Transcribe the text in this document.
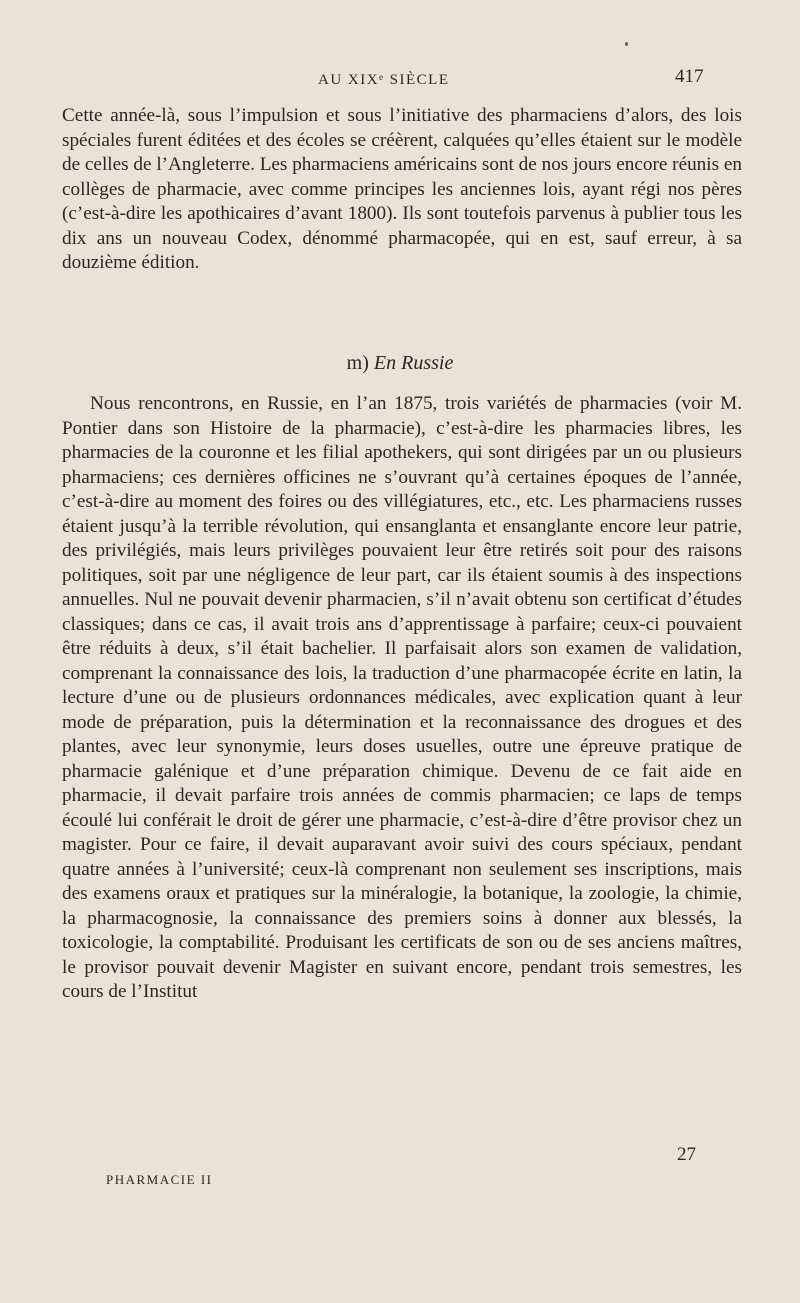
AU XIXᵉ SIÈCLE	417

Cette année-là, sous l’impulsion et sous l’initiative des pharmaciens d’alors, des lois spéciales furent éditées et des écoles se créèrent, calquées qu’elles étaient sur le modèle de celles de l’Angleterre. Les pharmaciens américains sont de nos jours encore réunis en collèges de pharmacie, avec comme principes les anciennes lois, ayant régi nos pères (c’est-à-dire les apothicaires d’avant 1800). Ils sont toutefois parvenus à publier tous les dix ans un nouveau Codex, dénommé pharmacopée, qui en est, sauf erreur, à sa douzième édition.

m) En Russie

Nous rencontrons, en Russie, en l’an 1875, trois variétés de pharmacies (voir M. Pontier dans son Histoire de la pharmacie), c’est-à-dire les pharmacies libres, les pharmacies de la couronne et les filial apothekers, qui sont dirigées par un ou plusieurs pharmaciens; ces dernières officines ne s’ouvrant qu’à certaines époques de l’année, c’est-à-dire au moment des foires ou des villégiatures, etc., etc. Les pharmaciens russes étaient jusqu’à la terrible révolution, qui ensanglanta et ensanglante encore leur patrie, des privilégiés, mais leurs privilèges pouvaient leur être retirés soit pour des raisons politiques, soit par une négligence de leur part, car ils étaient soumis à des inspections annuelles. Nul ne pouvait devenir pharmacien, s’il n’avait obtenu son certificat d’études classiques; dans ce cas, il avait trois ans d’apprentissage à parfaire; ceux-ci pouvaient être réduits à deux, s’il était bachelier. Il parfaisait alors son examen de validation, comprenant la connaissance des lois, la traduction d’une pharmacopée écrite en latin, la lecture d’une ou de plusieurs ordonnances médicales, avec explication quant à leur mode de préparation, puis la détermination et la reconnaissance des drogues et des plantes, avec leur synonymie, leurs doses usuelles, outre une épreuve pratique de pharmacie galénique et d’une préparation chimique. Devenu de ce fait aide en pharmacie, il devait parfaire trois années de commis pharmacien; ce laps de temps écoulé lui conférait le droit de gérer une pharmacie, c’est-à-dire d’être provisor chez un magister. Pour ce faire, il devait auparavant avoir suivi des cours spéciaux, pendant quatre années à l’université; ceux-là comprenant non seulement ses inscriptions, mais des examens oraux et pratiques sur la minéralogie, la botanique, la zoologie, la chimie, la pharmacognosie, la connaissance des premiers soins à donner aux blessés, la toxicologie, la comptabilité. Produisant les certificats de son ou de ses anciens maîtres, le provisor pouvait devenir Magister en suivant encore, pendant trois semestres, les cours de l’Institut

27
PHARMACIE II
